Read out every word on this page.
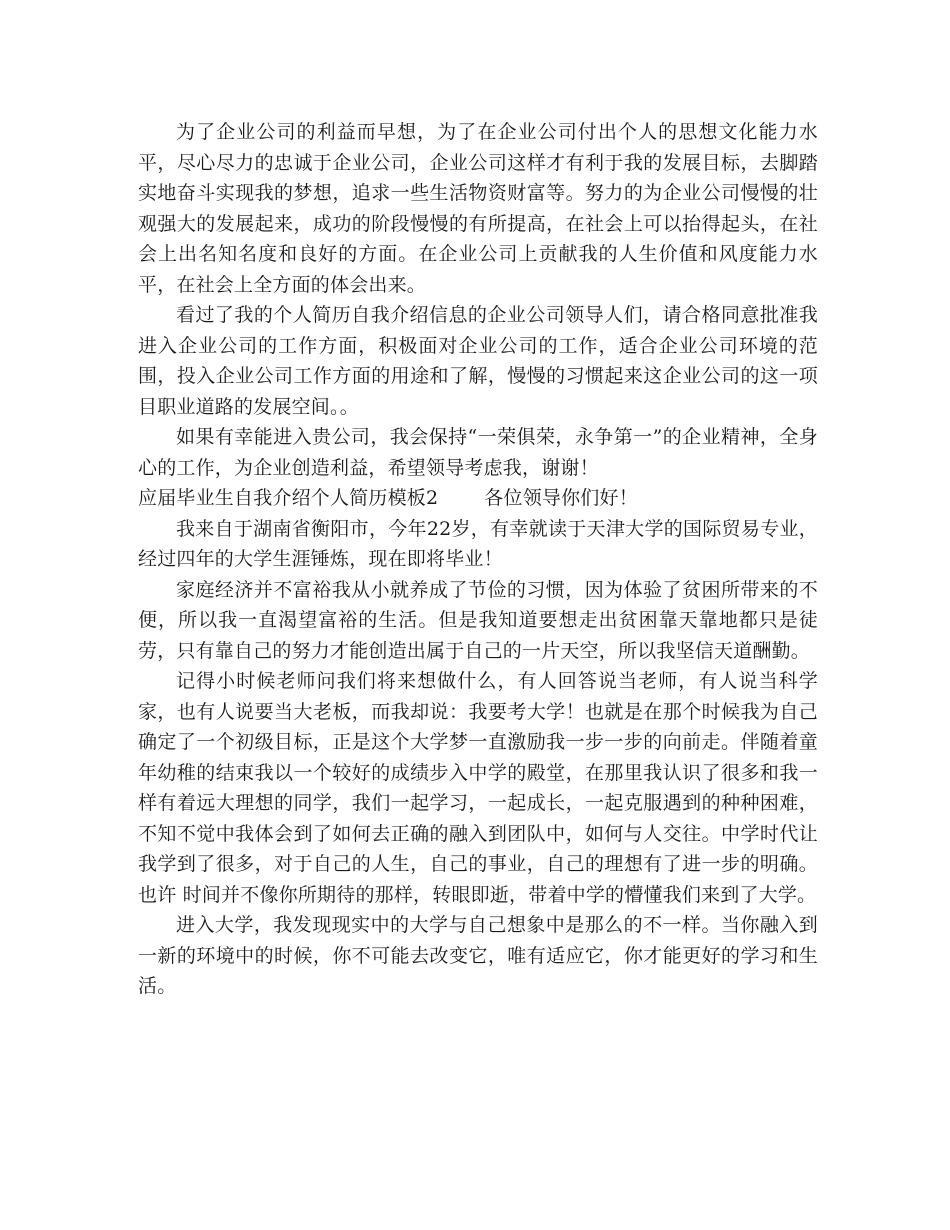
为了企业公司的利益而早想，为了在企业公司付出个人的思想文化能力水平，尽心尽力的忠诚于企业公司，企业公司这样才有利于我的发展目标，去脚踏实地奋斗实现我的梦想，追求一些生活物资财富等。努力的为企业公司慢慢的壮观强大的发展起来，成功的阶段慢慢的有所提高，在社会上可以抬得起头，在社会上出名知名度和良好的方面。在企业公司上贡献我的人生价值和风度能力水平，在社会上全方面的体会出来。

看过了我的个人简历自我介绍信息的企业公司领导人们，请合格同意批准我进入企业公司的工作方面，积极面对企业公司的工作，适合企业公司环境的范围，投入企业公司工作方面的用途和了解，慢慢的习惯起来这企业公司的这一项目职业道路的发展空间。。

如果有幸能进入贵公司，我会保持“一荣俱荣，永争第一”的企业精神，全身心的工作，为企业创造利益，希望领导考虑我，谢谢！

应届毕业生自我介绍个人简历模板2 各位领导你们好！

我来自于湖南省衡阳市，今年22岁，有幸就读于天津大学的国际贸易专业，经过四年的大学生涯锤炼，现在即将毕业！

家庭经济并不富裕我从小就养成了节俭的习惯，因为体验了贫困所带来的不便，所以我一直渴望富裕的生活。但是我知道要想走出贫困靠天靠地都只是徒劳，只有靠自己的努力才能创造出属于自己的一片天空，所以我坚信天道酬勤。

记得小时候老师问我们将来想做什么，有人回答说当老师，有人说当科学家，也有人说要当大老板，而我却说：我要考大学！也就是在那个时候我为自己确定了一个初级目标，正是这个大学梦一直激励我一步一步的向前走。伴随着童年幼稚的结束我以一个较好的成绩步入中学的殿堂，在那里我认识了很多和我一样有着远大理想的同学，我们一起学习，一起成长，一起克服遇到的种种困难，不知不觉中我体会到了如何去正确的融入到团队中，如何与人交往。中学时代让我学到了很多，对于自己的人生，自己的事业，自己的理想有了进一步的明确。也许 时间并不像你所期待的那样，转眼即逝，带着中学的懵懂我们来到了大学。

进入大学，我发现现实中的大学与自己想象中是那么的不一样。当你融入到一新的环境中的时候，你不可能去改变它，唯有适应它，你才能更好的学习和生活。
